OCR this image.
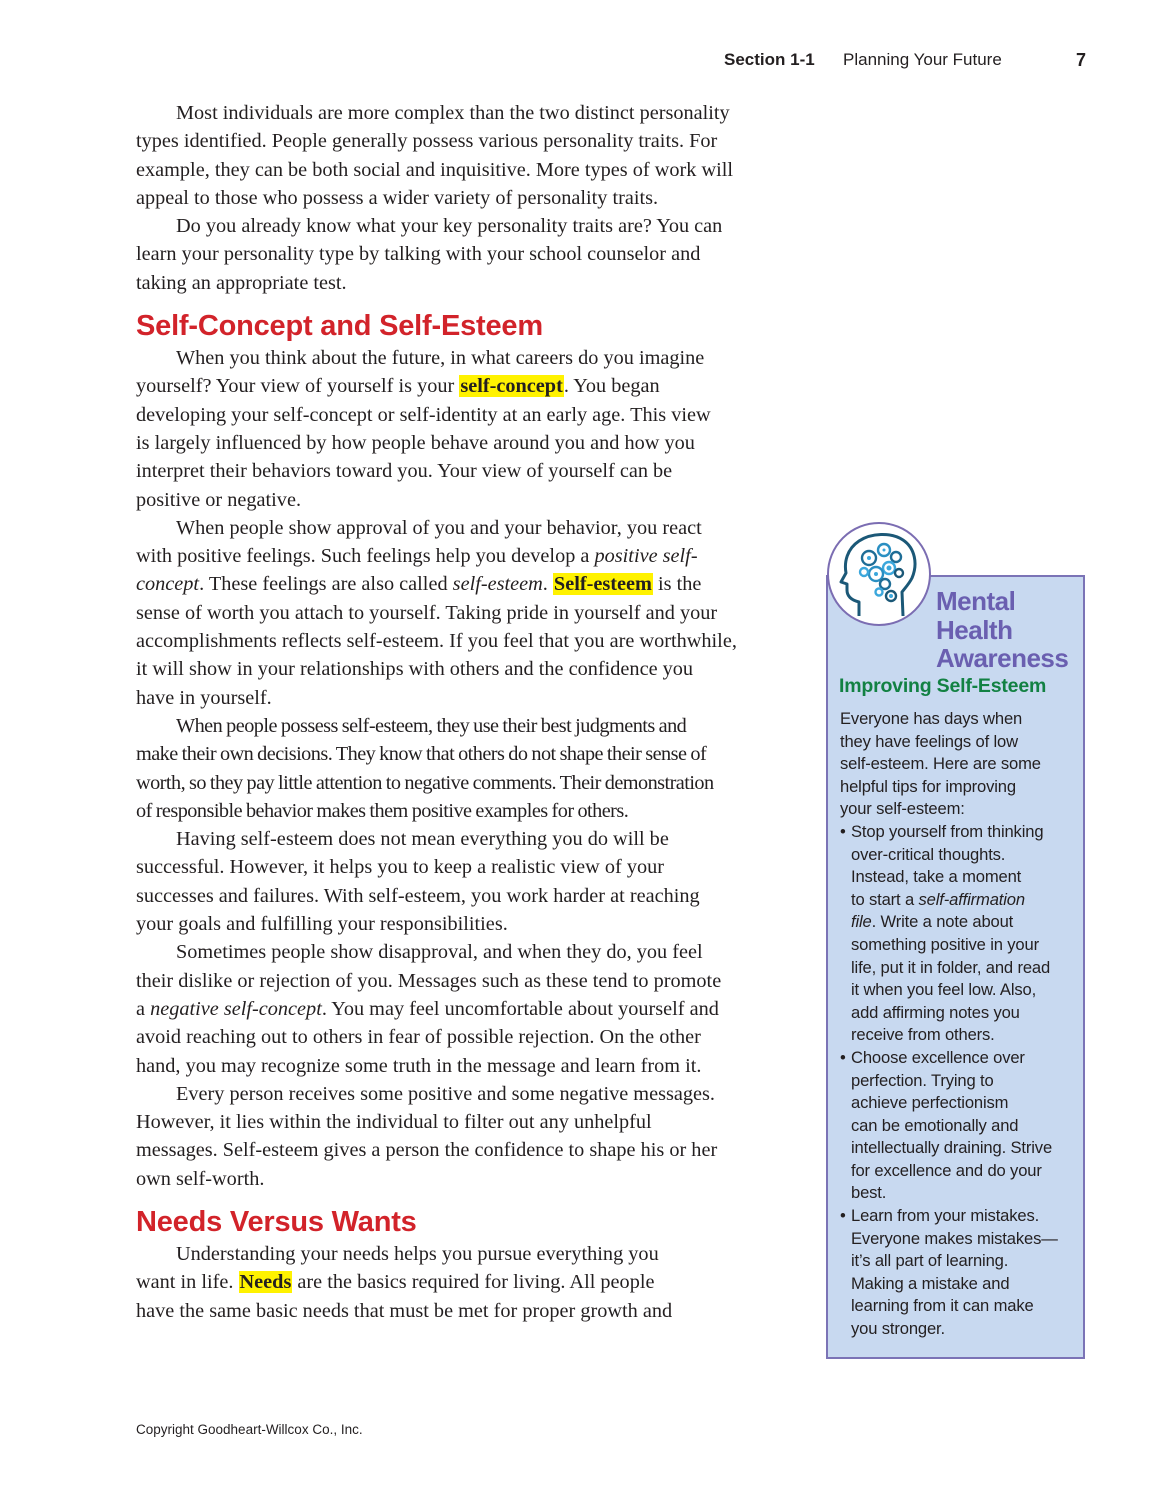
Section 1-1 Planning Your Future	7

Most individuals are more complex than the two distinct personality
types identified. People generally possess various personality traits. For
example, they can be both social and inquisitive. More types of work will
appeal to those who possess a wider variety of personality traits.

Do you already know what your key personality traits are? You can
learn your personality type by talking with your school counselor and
taking an appropriate test.

Self-Concept and Self-Esteem

When you think about the future, in what careers do you imagine
yourself? Your view of yourself is your self-concept. You began
developing your self-concept or self-identity at an early age. This view
is largely influenced by how people behave around you and how you
interpret their behaviors toward you. Your view of yourself can be
positive or negative.

When people show approval of you and your behavior, you react
with positive feelings. Such feelings help you develop a positive self-
concept. These feelings are also called self-esteem. Self-esteem is the
sense of worth you attach to yourself. Taking pride in yourself and your
accomplishments reflects self-esteem. If you feel that you are worthwhile,
it will show in your relationships with others and the confidence you
have in yourself.

When people possess self-esteem, they use their best judgments and
make their own decisions. They know that others do not shape their sense of
worth, so they pay little attention to negative comments. Their demonstration
of responsible behavior makes them positive examples for others.

Having self-esteem does not mean everything you do will be
successful. However, it helps you to keep a realistic view of your
successes and failures. With self-esteem, you work harder at reaching
your goals and fulfilling your responsibilities.

Sometimes people show disapproval, and when they do, you feel
their dislike or rejection of you. Messages such as these tend to promote
a negative self-concept. You may feel uncomfortable about yourself and
avoid reaching out to others in fear of possible rejection. On the other
hand, you may recognize some truth in the message and learn from it.

Every person receives some positive and some negative messages.
However, it lies within the individual to filter out any unhelpful
messages. Self-esteem gives a person the confidence to shape his or her
own self-worth.

Needs Versus Wants

Understanding your needs helps you pursue everything you
want in life. Needs are the basics required for living. All people
have the same basic needs that must be met for proper growth and

Mental
Health
Awareness
Improving Self-Esteem
Everyone has days when
they have feelings of low
self-esteem. Here are some
helpful tips for improving
your self-esteem:
• Stop yourself from thinking
over-critical thoughts.
Instead, take a moment
to start a self-affirmation
file. Write a note about
something positive in your
life, put it in folder, and read
it when you feel low. Also,
add affirming notes you
receive from others.
• Choose excellence over
perfection. Trying to
achieve perfectionism
can be emotionally and
intellectually draining. Strive
for excellence and do your
best.
• Learn from your mistakes.
Everyone makes mistakes—
it’s all part of learning.
Making a mistake and
learning from it can make
you stronger.
Copyright Goodheart-Willcox Co., Inc.
